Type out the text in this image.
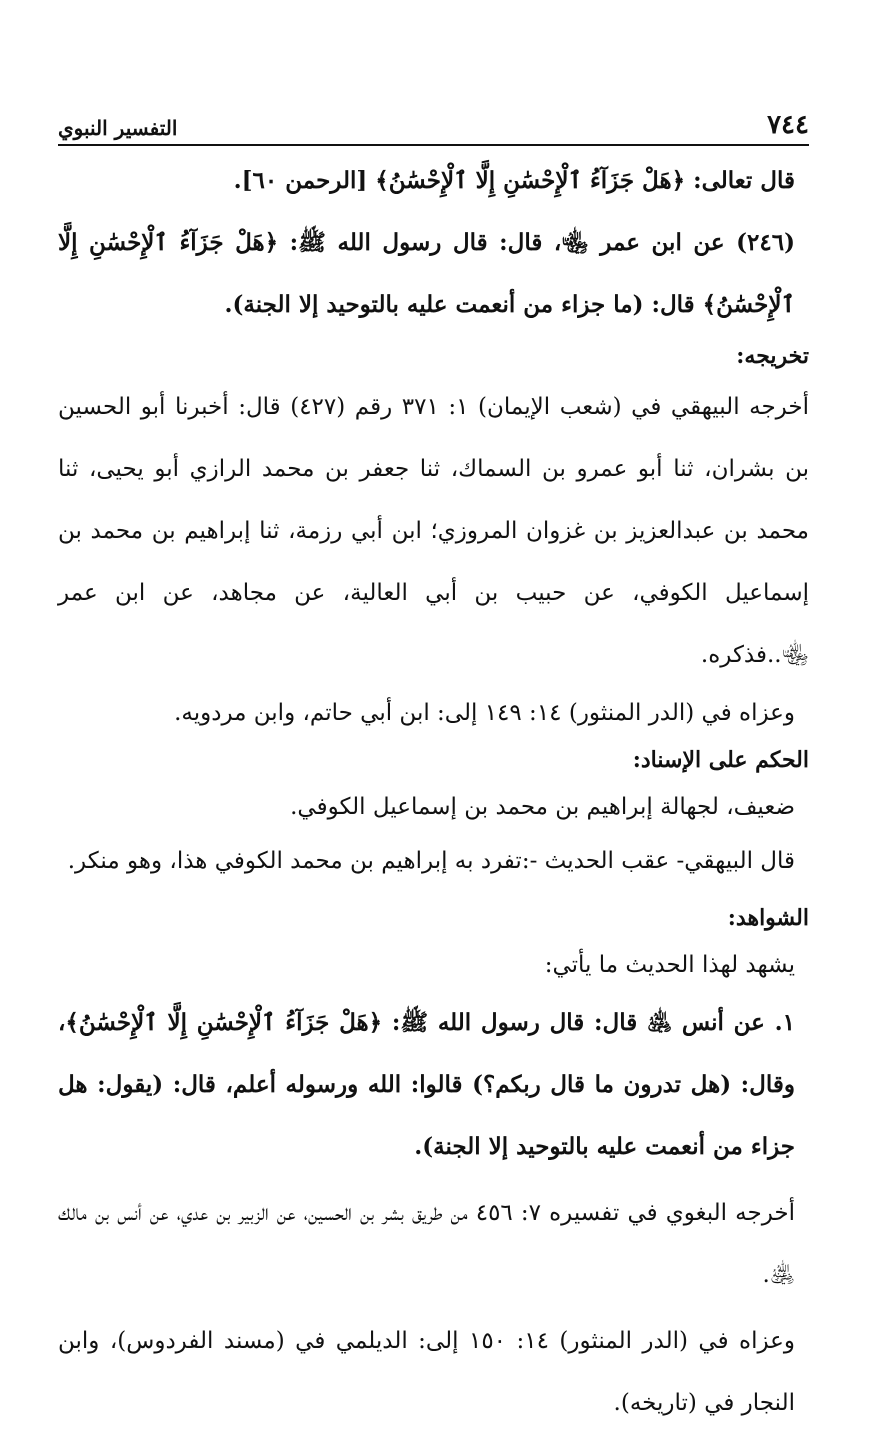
٧٤٤
التفسير النبوي

قال تعالى: ﴿هَلْ جَزَآءُ ٱلْإِحْسَٰنِ إِلَّا ٱلْإِحْسَٰنُ﴾ [الرحمن ٦٠].

(٢٤٦) عن ابن عمر ﵄، قال: قال رسول الله ﷺ: ﴿هَلْ جَزَآءُ ٱلْإِحْسَٰنِ إِلَّا ٱلْإِحْسَٰنُ﴾ قال: (ما جزاء من أنعمت عليه بالتوحيد إلا الجنة).

تخريجه:

أخرجه البيهقي في (شعب الإيمان) ١: ٣٧١ رقم (٤٢٧) قال: أخبرنا أبو الحسين بن بشران، ثنا أبو عمرو بن السماك، ثنا جعفر بن محمد الرازي أبو يحيى، ثنا محمد بن عبدالعزيز بن غزوان المروزي؛ ابن أبي رزمة، ثنا إبراهيم بن محمد بن إسماعيل الكوفي، عن حبيب بن أبي العالية، عن مجاهد، عن ابن عمر ﵄..فذكره.

وعزاه في (الدر المنثور) ١٤: ١٤٩ إلى: ابن أبي حاتم، وابن مردويه.

الحكم على الإسناد:

ضعيف، لجهالة إبراهيم بن محمد بن إسماعيل الكوفي.

قال البيهقي- عقب الحديث -:تفرد به إبراهيم بن محمد الكوفي هذا، وهو منكر.

الشواهد:

يشهد لهذا الحديث ما يأتي:

١. عن أنس ﵁ قال: قال رسول الله ﷺ: ﴿هَلْ جَزَآءُ ٱلْإِحْسَٰنِ إِلَّا ٱلْإِحْسَٰنُ﴾، وقال: (هل تدرون ما قال ربكم؟) قالوا: الله ورسوله أعلم، قال: (يقول: هل جزاء من أنعمت عليه بالتوحيد إلا الجنة).

أخرجه البغوي في تفسيره ٧: ٤٥٦ من طريق بشر بن الحسين، عن الزبير بن عدي، عن أنس بن مالك ﵁.

وعزاه في (الدر المنثور) ١٤: ١٥٠ إلى: الديلمي في (مسند الفردوس)، وابن النجار في (تاريخه).
